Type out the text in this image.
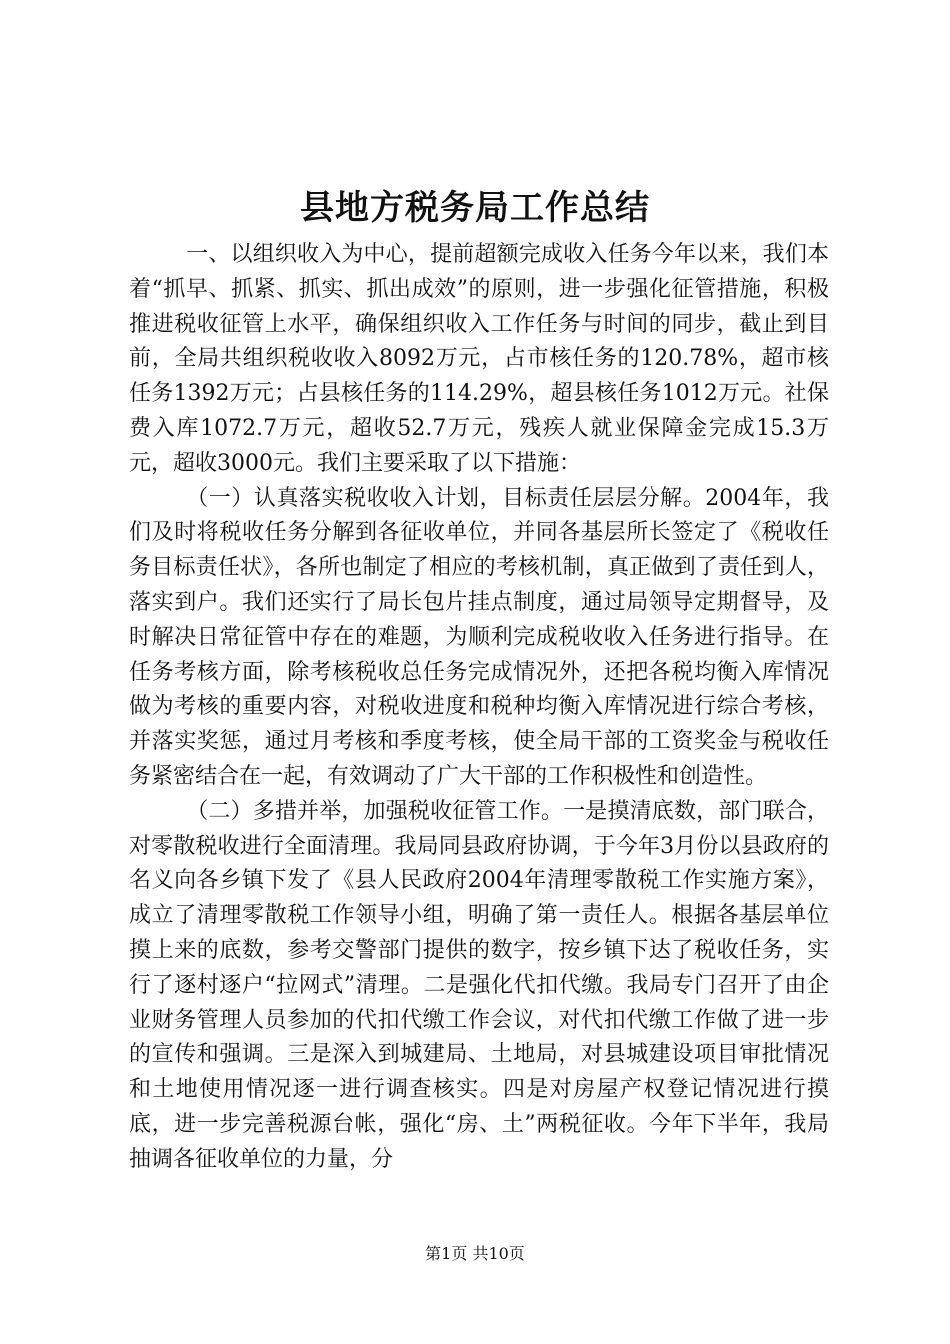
县地方税务局工作总结

一、以组织收入为中心，提前超额完成收入任务今年以来，我们本着“抓早、抓紧、抓实、抓出成效”的原则，进一步强化征管措施，积极推进税收征管上水平，确保组织收入工作任务与时间的同步，截止到目前，全局共组织税收收入8092万元，占市核任务的120.78%，超市核任务1392万元；占县核任务的114.29%，超县核任务1012万元。社保费入库1072.7万元，超收52.7万元，残疾人就业保障金完成15.3万元，超收3000元。我们主要采取了以下措施：

（一）认真落实税收收入计划，目标责任层层分解。2004年，我们及时将税收任务分解到各征收单位，并同各基层所长签定了《税收任务目标责任状》，各所也制定了相应的考核机制，真正做到了责任到人，落实到户。我们还实行了局长包片挂点制度，通过局领导定期督导，及时解决日常征管中存在的难题，为顺利完成税收收入任务进行指导。在任务考核方面，除考核税收总任务完成情况外，还把各税均衡入库情况做为考核的重要内容，对税收进度和税种均衡入库情况进行综合考核，并落实奖惩，通过月考核和季度考核，使全局干部的工资奖金与税收任务紧密结合在一起，有效调动了广大干部的工作积极性和创造性。

（二）多措并举，加强税收征管工作。一是摸清底数，部门联合，对零散税收进行全面清理。我局同县政府协调，于今年3月份以县政府的名义向各乡镇下发了《县人民政府2004年清理零散税工作实施方案》，成立了清理零散税工作领导小组，明确了第一责任人。根据各基层单位摸上来的底数，参考交警部门提供的数字，按乡镇下达了税收任务，实行了逐村逐户“拉网式”清理。二是强化代扣代缴。我局专门召开了由企业财务管理人员参加的代扣代缴工作会议，对代扣代缴工作做了进一步的宣传和强调。三是深入到城建局、土地局，对县城建设项目审批情况和土地使用情况逐一进行调查核实。四是对房屋产权登记情况进行摸底，进一步完善税源台帐，强化“房、土”两税征收。今年下半年，我局抽调各征收单位的力量，分

第1页 共10页
